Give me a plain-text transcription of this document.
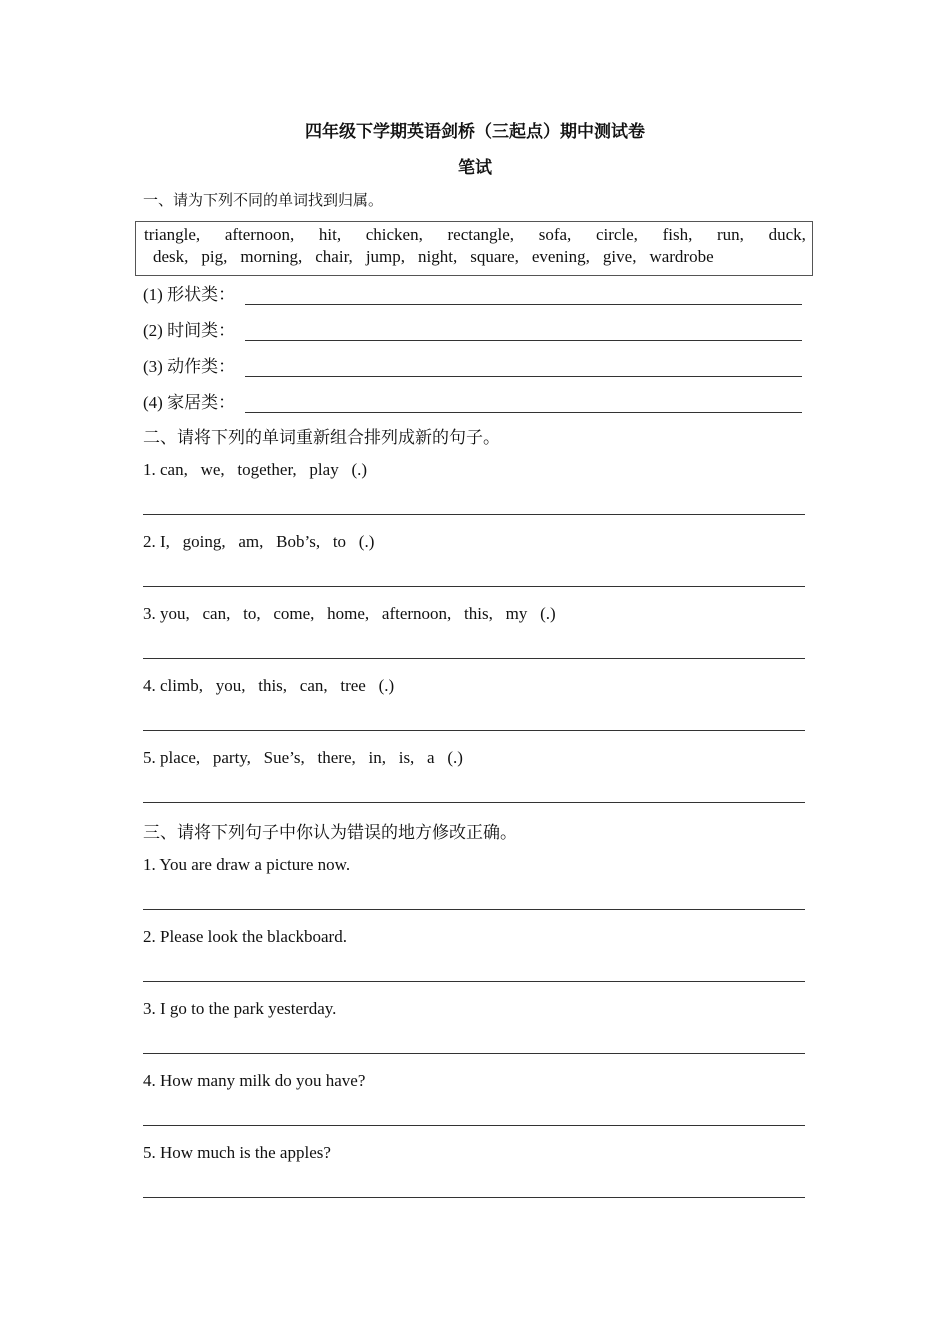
四年级下学期英语剑桥（三起点）期中测试卷
笔试
一、请为下列不同的单词找到归属。
triangle, afternoon, hit, chicken, rectangle, sofa, circle, fish, run, duck,
desk, pig, morning, chair, jump, night, square, evening, give, wardrobe
(1)
形状类：
(2)
时间类：
(3)
动作类：
(4)
家居类：
二、请将下列的单词重新组合排列成新的句子。
1. can,   we,   together,   play   (.)
2. I,   going,   am,   Bob’s,   to   (.)
3. you,   can,   to,   come,   home,   afternoon,   this,   my   (.)
4. climb,   you,   this,   can,   tree   (.)
5. place,   party,   Sue’s,   there,   in,   is,   a   (.)
三、请将下列句子中你认为错误的地方修改正确。
1. You are draw a picture now.
2. Please look the blackboard.
3. I go to the park yesterday.
4. How many milk do you have?
5. How much is the apples?
